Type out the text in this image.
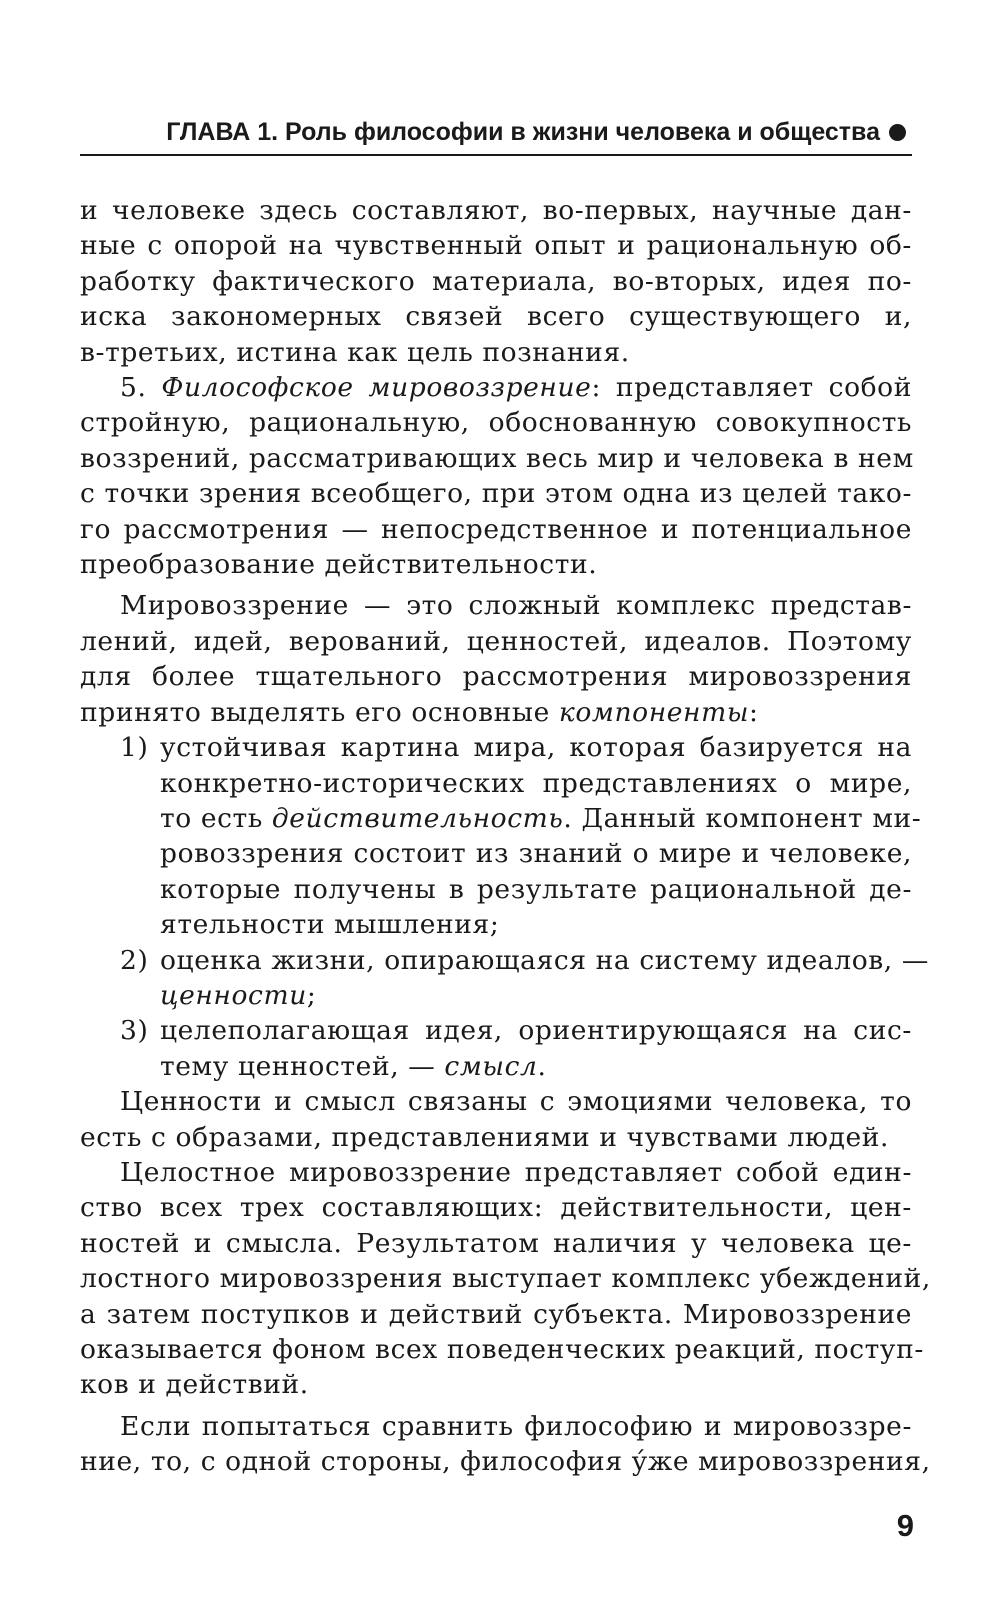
ГЛАВА 1. Роль философии в жизни человека и общества
и человеке здесь составляют, во-первых, научные дан-
ные с опорой на чувственный опыт и рациональную об-
работку фактического материала, во-вторых, идея по-
иска закономерных связей всего существующего и,
в-третьих, истина как цель познания.
5. Философское мировоззрение: представляет собой
стройную, рациональную, обоснованную совокупность
воззрений, рассматривающих весь мир и человека в нем
с точки зрения всеобщего, при этом одна из целей тако-
го рассмотрения — непосредственное и потенциальное
преобразование действительности.
Мировоззрение — это сложный комплекс представ-
лений, идей, верований, ценностей, идеалов. Поэтому
для более тщательного рассмотрения мировоззрения
принято выделять его основные компоненты:
1) устойчивая картина мира, которая базируется на
конкретно-исторических представлениях о мире,
то есть действительность. Данный компонент ми-
ровоззрения состоит из знаний о мире и человеке,
которые получены в результате рациональной де-
ятельности мышления;
2) оценка жизни, опирающаяся на систему идеалов, —
ценности;
3) целеполагающая идея, ориентирующаяся на сис-
тему ценностей, — смысл.
Ценности и смысл связаны с эмоциями человека, то
есть с образами, представлениями и чувствами людей.
Целостное мировоззрение представляет собой един-
ство всех трех составляющих: действительности, цен-
ностей и смысла. Результатом наличия у человека це-
лостного мировоззрения выступает комплекс убеждений,
а затем поступков и действий субъекта. Мировоззрение
оказывается фоном всех поведенческих реакций, поступ-
ков и действий.
Если попытаться сравнить философию и мировоззре-
ние, то, с одной стороны, философия у́же мировоззрения,
9
